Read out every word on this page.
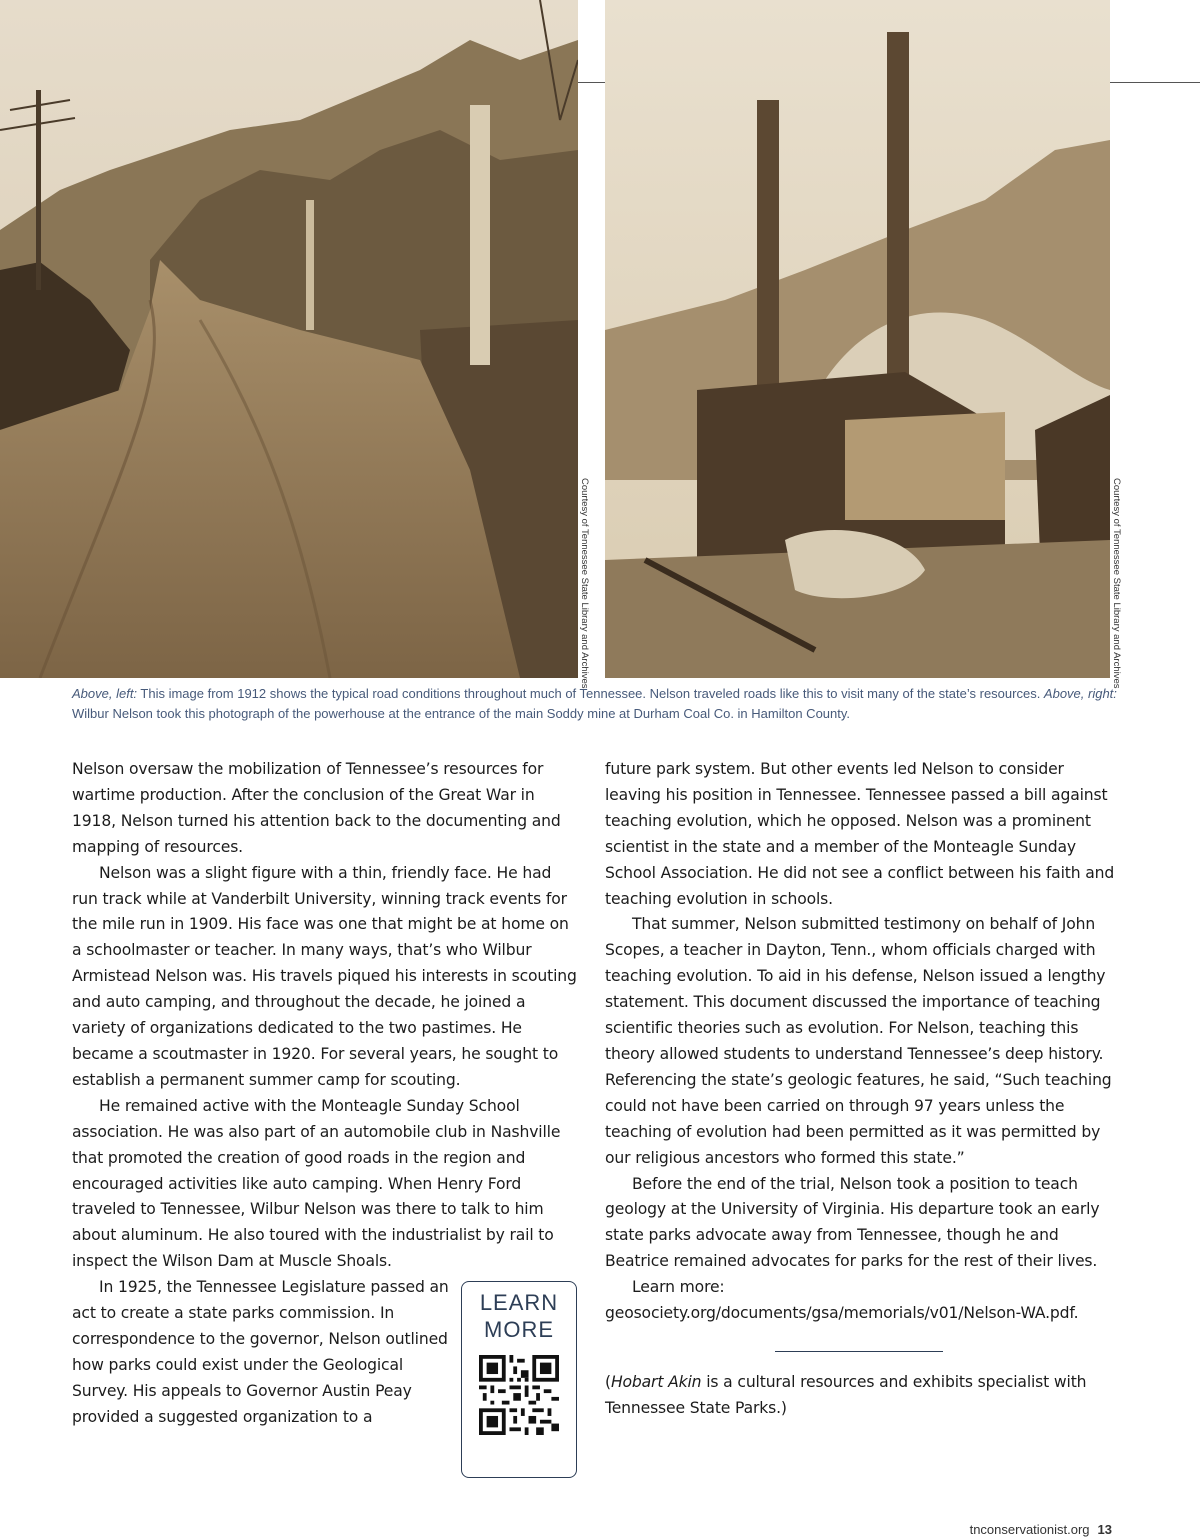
Courtesy of Tennessee State Library and Archives	Courtesy of Tennessee State Library and Archives
Above, left: This image from 1912 shows the typical road conditions throughout much of Tennessee. Nelson traveled roads like this to visit many of the state’s resources. Above, right: Wilbur Nelson took this photograph of the powerhouse at the entrance of the main Soddy mine at Durham Coal Co. in Hamilton County.

Nelson oversaw the mobilization of Tennessee’s resources for wartime production. After the conclusion of the Great War in 1918, Nelson turned his attention back to the documenting and mapping of resources.

Nelson was a slight figure with a thin, friendly face. He had run track while at Vanderbilt University, winning track events for the mile run in 1909. His face was one that might be at home on a schoolmaster or teacher. In many ways, that’s who Wilbur Armistead Nelson was. His travels piqued his interests in scouting and auto camping, and throughout the decade, he joined a variety of organizations dedicated to the two pastimes. He became a scoutmaster in 1920. For several years, he sought to establish a permanent summer camp for scouting.

He remained active with the Monteagle Sunday School association. He was also part of an automobile club in Nashville that promoted the creation of good roads in the region and encouraged activities like auto camping. When Henry Ford traveled to Tennessee, Wilbur Nelson was there to talk to him about aluminum. He also toured with the industrialist by rail to inspect the Wilson Dam at Muscle Shoals.

LEARN
MORE

In 1925, the Tennessee Legislature passed an act to create a state parks commission. In correspondence to the governor, Nelson outlined how parks could exist under the Geological Survey. His appeals to Governor Austin Peay provided a suggested organization to a

future park system. But other events led Nelson to consider leaving his position in Tennessee. Tennessee passed a bill against teaching evolution, which he opposed. Nelson was a prominent scientist in the state and a member of the Monteagle Sunday School Association. He did not see a conflict between his faith and teaching evolution in schools.

That summer, Nelson submitted testimony on behalf of John Scopes, a teacher in Dayton, Tenn., whom officials charged with teaching evolution. To aid in his defense, Nelson issued a lengthy statement. This document discussed the importance of teaching scientific theories such as evolution. For Nelson, teaching this theory allowed students to understand Tennessee’s deep history. Referencing the state’s geologic features, he said, “Such teaching could not have been carried on through 97 years unless the teaching of evolution had been permitted as it was permitted by our religious ancestors who formed this state.”

Before the end of the trial, Nelson took a position to teach geology at the University of Virginia. His departure took an early state parks advocate away from Tennessee, though he and Beatrice remained advocates for parks for the rest of their lives.

Learn more: geosociety.org/documents/gsa/memorials/v01/Nelson-WA.pdf.

(Hobart Akin is a cultural resources and exhibits specialist with Tennessee State Parks.)

tnconservationist.org 13
